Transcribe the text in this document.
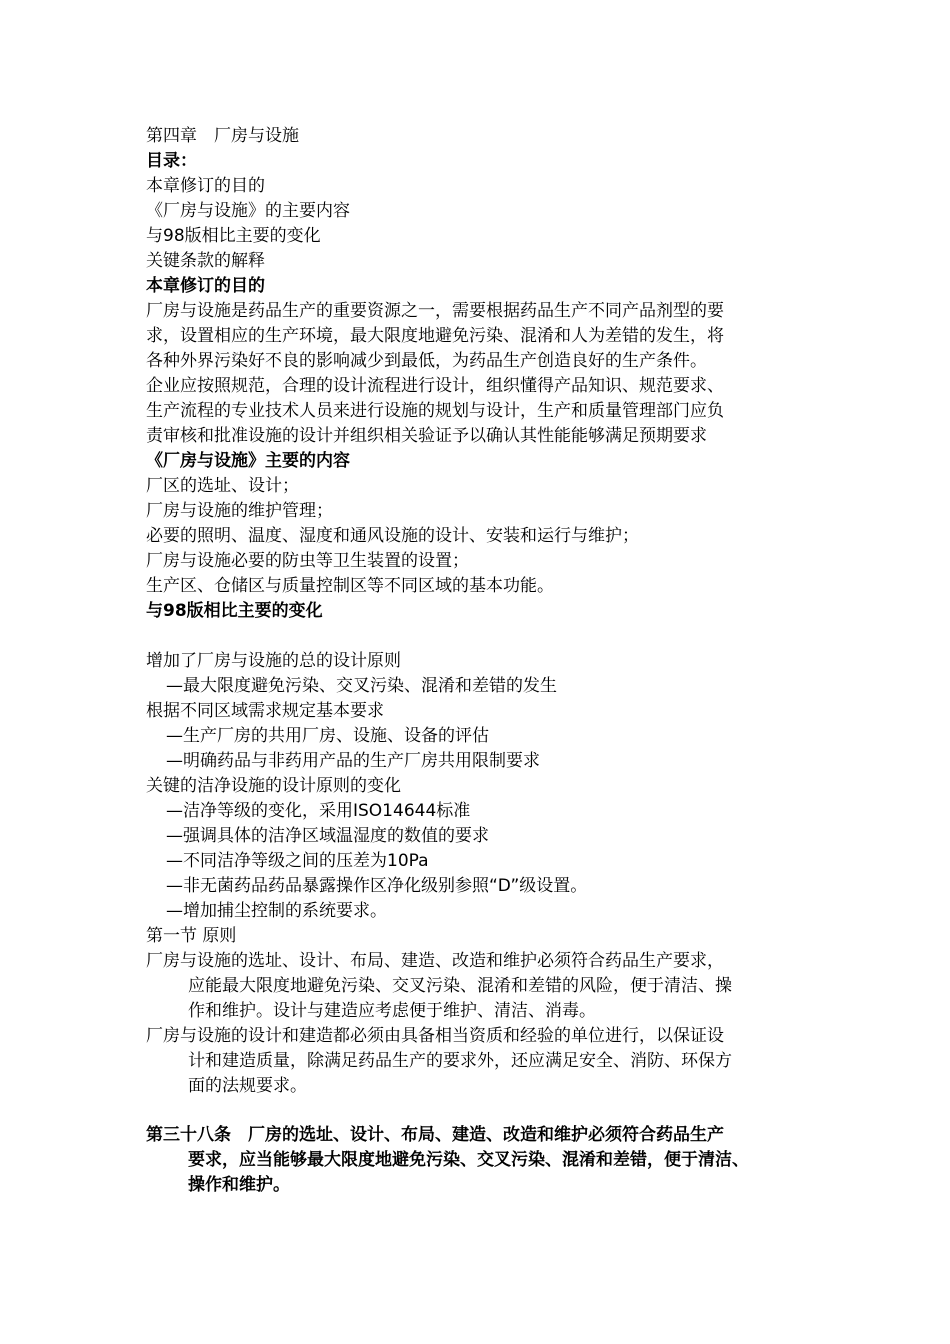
第四章　厂房与设施
目录：
本章修订的目的
《厂房与设施》的主要内容
与98版相比主要的变化
关键条款的解释
本章修订的目的
厂房与设施是药品生产的重要资源之一，需要根据药品生产不同产品剂型的要
求，设置相应的生产环境，最大限度地避免污染、混淆和人为差错的发生，将
各种外界污染好不良的影响减少到最低，为药品生产创造良好的生产条件。
企业应按照规范，合理的设计流程进行设计，组织懂得产品知识、规范要求、
生产流程的专业技术人员来进行设施的规划与设计，生产和质量管理部门应负
责审核和批准设施的设计并组织相关验证予以确认其性能能够满足预期要求
《厂房与设施》主要的内容
厂区的选址、设计；
厂房与设施的维护管理；
必要的照明、温度、湿度和通风设施的设计、安装和运行与维护；
厂房与设施必要的防虫等卫生装置的设置；
生产区、仓储区与质量控制区等不同区域的基本功能。
与98版相比主要的变化
增加了厂房与设施的总的设计原则
—最大限度避免污染、交叉污染、混淆和差错的发生
根据不同区域需求规定基本要求
—生产厂房的共用厂房、设施、设备的评估
—明确药品与非药用产品的生产厂房共用限制要求
关键的洁净设施的设计原则的变化
—洁净等级的变化，采用ISO14644标准
—强调具体的洁净区域温湿度的数值的要求
—不同洁净等级之间的压差为10Pa
—非无菌药品药品暴露操作区净化级别参照“D”级设置。
—增加捕尘控制的系统要求。
第一节 原则
厂房与设施的选址、设计、布局、建造、改造和维护必须符合药品生产要求，
应能最大限度地避免污染、交叉污染、混淆和差错的风险，便于清洁、操
作和维护。设计与建造应考虑便于维护、清洁、消毒。
厂房与设施的设计和建造都必须由具备相当资质和经验的单位进行，以保证设
计和建造质量，除满足药品生产的要求外，还应满足安全、消防、环保方
面的法规要求。
第三十八条　厂房的选址、设计、布局、建造、改造和维护必须符合药品生产
要求，应当能够最大限度地避免污染、交叉污染、混淆和差错，便于清洁、
操作和维护。
